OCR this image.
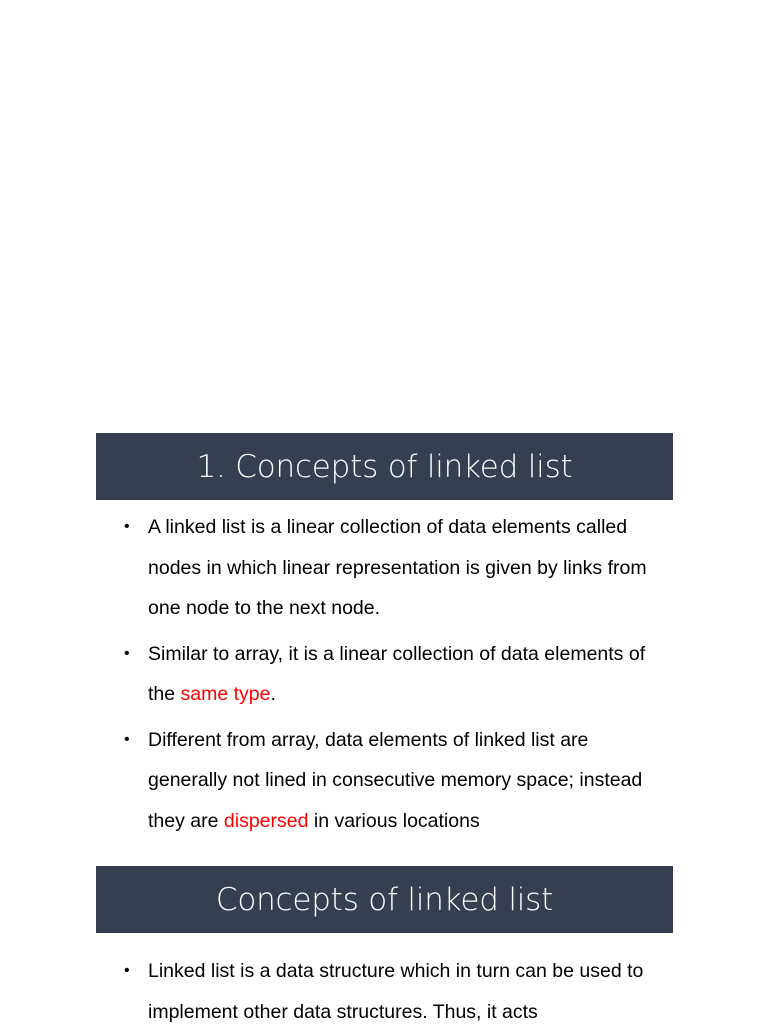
1. Concepts of linked list
• A linked list is a linear collection of data elements called nodes in which linear representation is given by links from one node to the next node.
• Similar to array, it is a linear collection of data elements of the same type.
• Different from array, data elements of linked list are generally not lined in consecutive memory space; instead they are dispersed in various locations
Concepts of linked list
• Linked list is a data structure which in turn can be used to implement other data structures. Thus, it acts
